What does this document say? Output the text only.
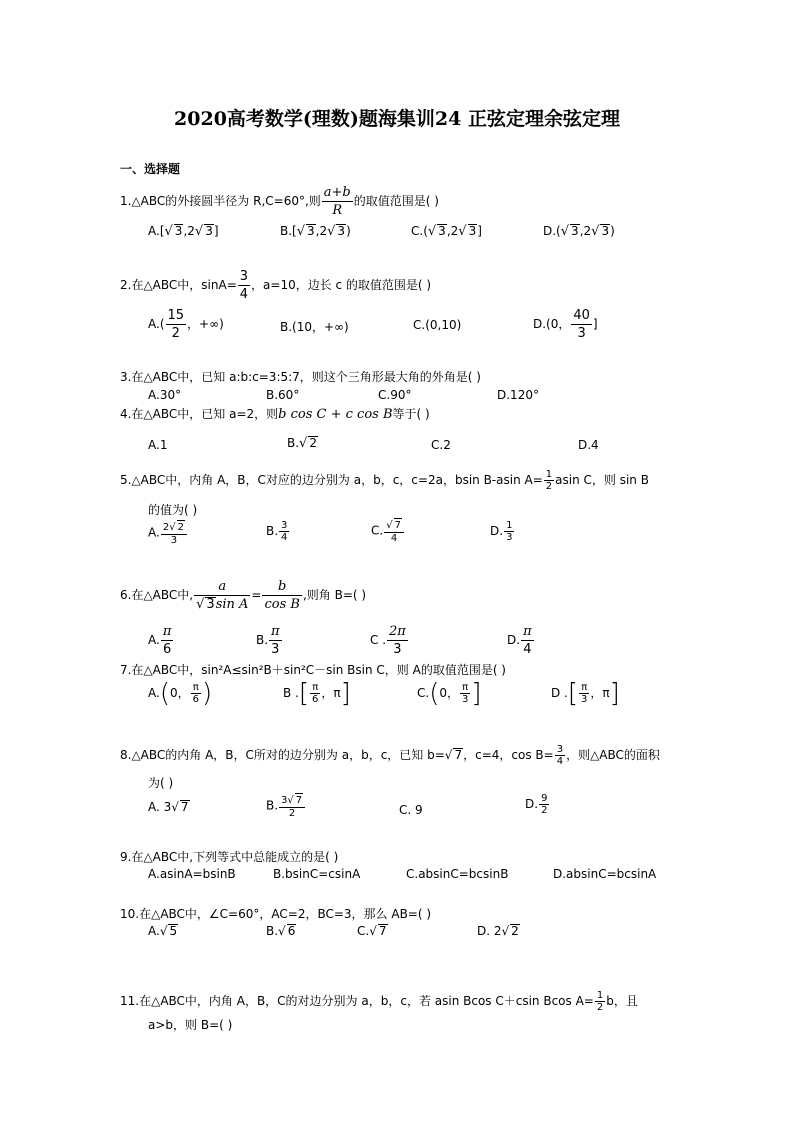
2020高考数学(理数)题海集训24 正弦定理余弦定理
一、选择题
1.△ABC的外接圆半径为 R,C=60°,则 $\frac{a+b}{R}$ 的取值范围是( )
A.[√ 3,2√ 3]	B.[√ 3,2√ 3)	C.(√ 3,2√ 3]	D.(√ 3,2√ 3)
2.在△ABC中，$\sin A= \frac{3}{4}$ ，a=10，边长 c 的取值范围是( )
$A.( \frac{15}{2}$ ，+∞)	B.(10，+∞)	C.(0,10)	D.(0， $\frac{40}{3}$ ]
3.在△ABC中，已知 a:b:c=3:5:7，则这个三角形最大角的外角是( )
A.30°	B.60°	C.90°	D.120°
4.在△ABC中，已知 a=2，则b cos C + c cos B等于( )
A.1	B.√ 2	C.2	D.4
5.△ABC中，内角 A，B，C对应的边分别为 a，b，c，c=2a，bsin B-asin $A= \frac{1}{2}$ asin C，则 sin B
的值为( )
A. $\frac{2√ 2}{3}$	B. $\frac{3}{4}$	C. $\frac{√ 7}{4}$	D. $\frac{1}{3}$
6.在△ABC中, $\frac{a}{\text{√ 3sin A}} = \frac{b}{\text{cos B}}$ ,则角 B=( )
A. $\frac{\pi}{6}$	B. $\frac{\pi}{3}$	C . $\frac{2\pi}{3}$	D. $\frac{\pi}{4}$
7.在△ABC中，sin²A≤sin²B＋sin²C－sin Bsin C，则 A的取值范围是( )
A.(0， $\frac{\pi}{6}$ )	B .[ $\frac{\pi}{6}$ ，π]	C.(0， $\frac{\pi}{3}$ ]	D .[ $\frac{\pi}{3}$ ，π]
8.△ABC的内角 A，B，C所对的边分别为 a，b，c，已知 b=√ 7，c=4，$\cos B= \frac{3}{4}$ ，则△ABC的面积
为( )
A. 3√ 7	B. $\frac{3√ 7}{2}$	C. 9	D. $\frac{9}{2}$
9.在△ABC中,下列等式中总能成立的是( )
A.asinA=bsinB	B.bsinC=csinA	C.absinC=bcsinB	D.absinC=bcsinA
10.在△ABC中，∠C=60°，AC=2，BC=3，那么 AB=( )
A.√ 5	B.√ 6	C.√ 7	D. 2√ 2
11.在△ABC中，内角 A，B，C的对边分别为 a，b，c，若 asin Bcos C＋csin Bcos $A= \frac{1}{2}$ b，且
a>b，则 B=( )
